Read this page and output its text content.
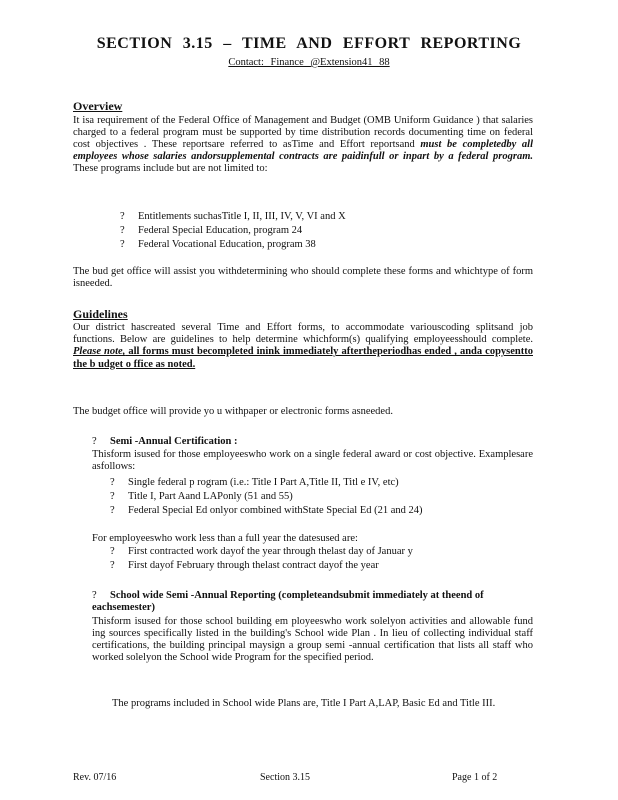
SECTION 3.15 – TIME AND EFFORT REPORTING
Contact: Finance @Extension41 88
Overview
It isa requirement of the Federal Office of Management and Budget (OMB Uniform Guidance ) that salaries charged to a federal program must be supported by time distribution records documenting time on federal cost objectives . These reportsare referred to asTime and Effort reportsand must be completedby all employees whose salaries andorsupplemental contracts are paidinfull or inpart by a federal program. These programs include but are not limited to:
? Entitlements suchasTitle I, II, III, IV, V, VI and X
? Federal Special Education, program 24
? Federal Vocational Education, program 38
The bud get office will assist you withdetermining who should complete these forms and whichtype of form isneeded.
Guidelines
Our district hascreated several Time and Effort forms, to accommodate variouscoding splitsand job functions. Below are guidelines to help determine whichform(s) qualifying employeesshould complete. Please note, all forms must becompleted inink immediately aftertheperiodhas ended , anda copysentto the b udget o ffice as noted.
The budget office will provide yo u withpaper or electronic forms asneeded.
? Semi -Annual Certification :
Thisform isused for those employeeswho work on a single federal award or cost objective. Examplesare asfollows:
? Single federal p rogram (i.e.: Title I Part A,Title II, Titl e IV, etc)
? Title I, Part Aand LAPonly (51 and 55)
? Federal Special Ed onlyor combined withState Special Ed (21 and 24)
For employeeswho work less than a full year the datesused are:
? First contracted work dayof the year through thelast day of Januar y
? First dayof February through thelast contract dayof the year
? School wide Semi -Annual Reporting (completeandsubmit immediately at theend of eachsemester)
Thisform isused for those school building em ployeeswho work solelyon activities and allowable fund ing sources specifically listed in the building's School wide Plan . In lieu of collecting individual staff certifications, the building principal maysign a group semi -annual certification that lists all staff who worked solelyon the School wide Program for the specified period.
The programs included in School wide Plans are, Title I Part A,LAP, Basic Ed and Title III.
Rev. 07/16	Section 3.15	Page 1 of 2
